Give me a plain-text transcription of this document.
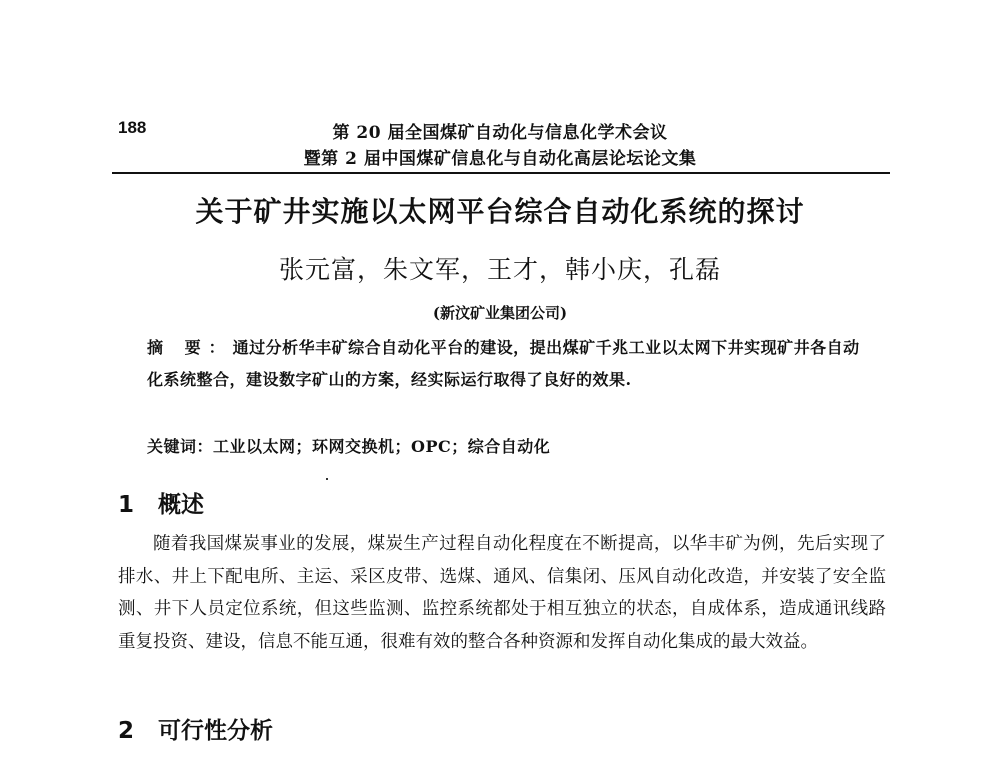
188	第 20 届全国煤矿自动化与信息化学术会议
暨第 2 届中国煤矿信息化与自动化高层论坛论文集
关于矿井实施以太网平台综合自动化系统的探讨
张元富，朱文军，王才，韩小庆，孔磊
(新汶矿业集团公司)
摘 要：通过分析华丰矿综合自动化平台的建设，提出煤矿千兆工业以太网下井实现矿井各自动化系统整合，建设数字矿山的方案，经实际运行取得了良好的效果.
关键词：工业以太网；环网交换机；OPC；综合自动化
1 概述
随着我国煤炭事业的发展，煤炭生产过程自动化程度在不断提高，以华丰矿为例，先后实现了排水、井上下配电所、主运、采区皮带、选煤、通风、信集闭、压风自动化改造，并安装了安全监测、井下人员定位系统，但这些监测、监控系统都处于相互独立的状态，自成体系，造成通讯线路重复投资、建设，信息不能互通，很难有效的整合各种资源和发挥自动化集成的最大效益。
2 可行性分析
